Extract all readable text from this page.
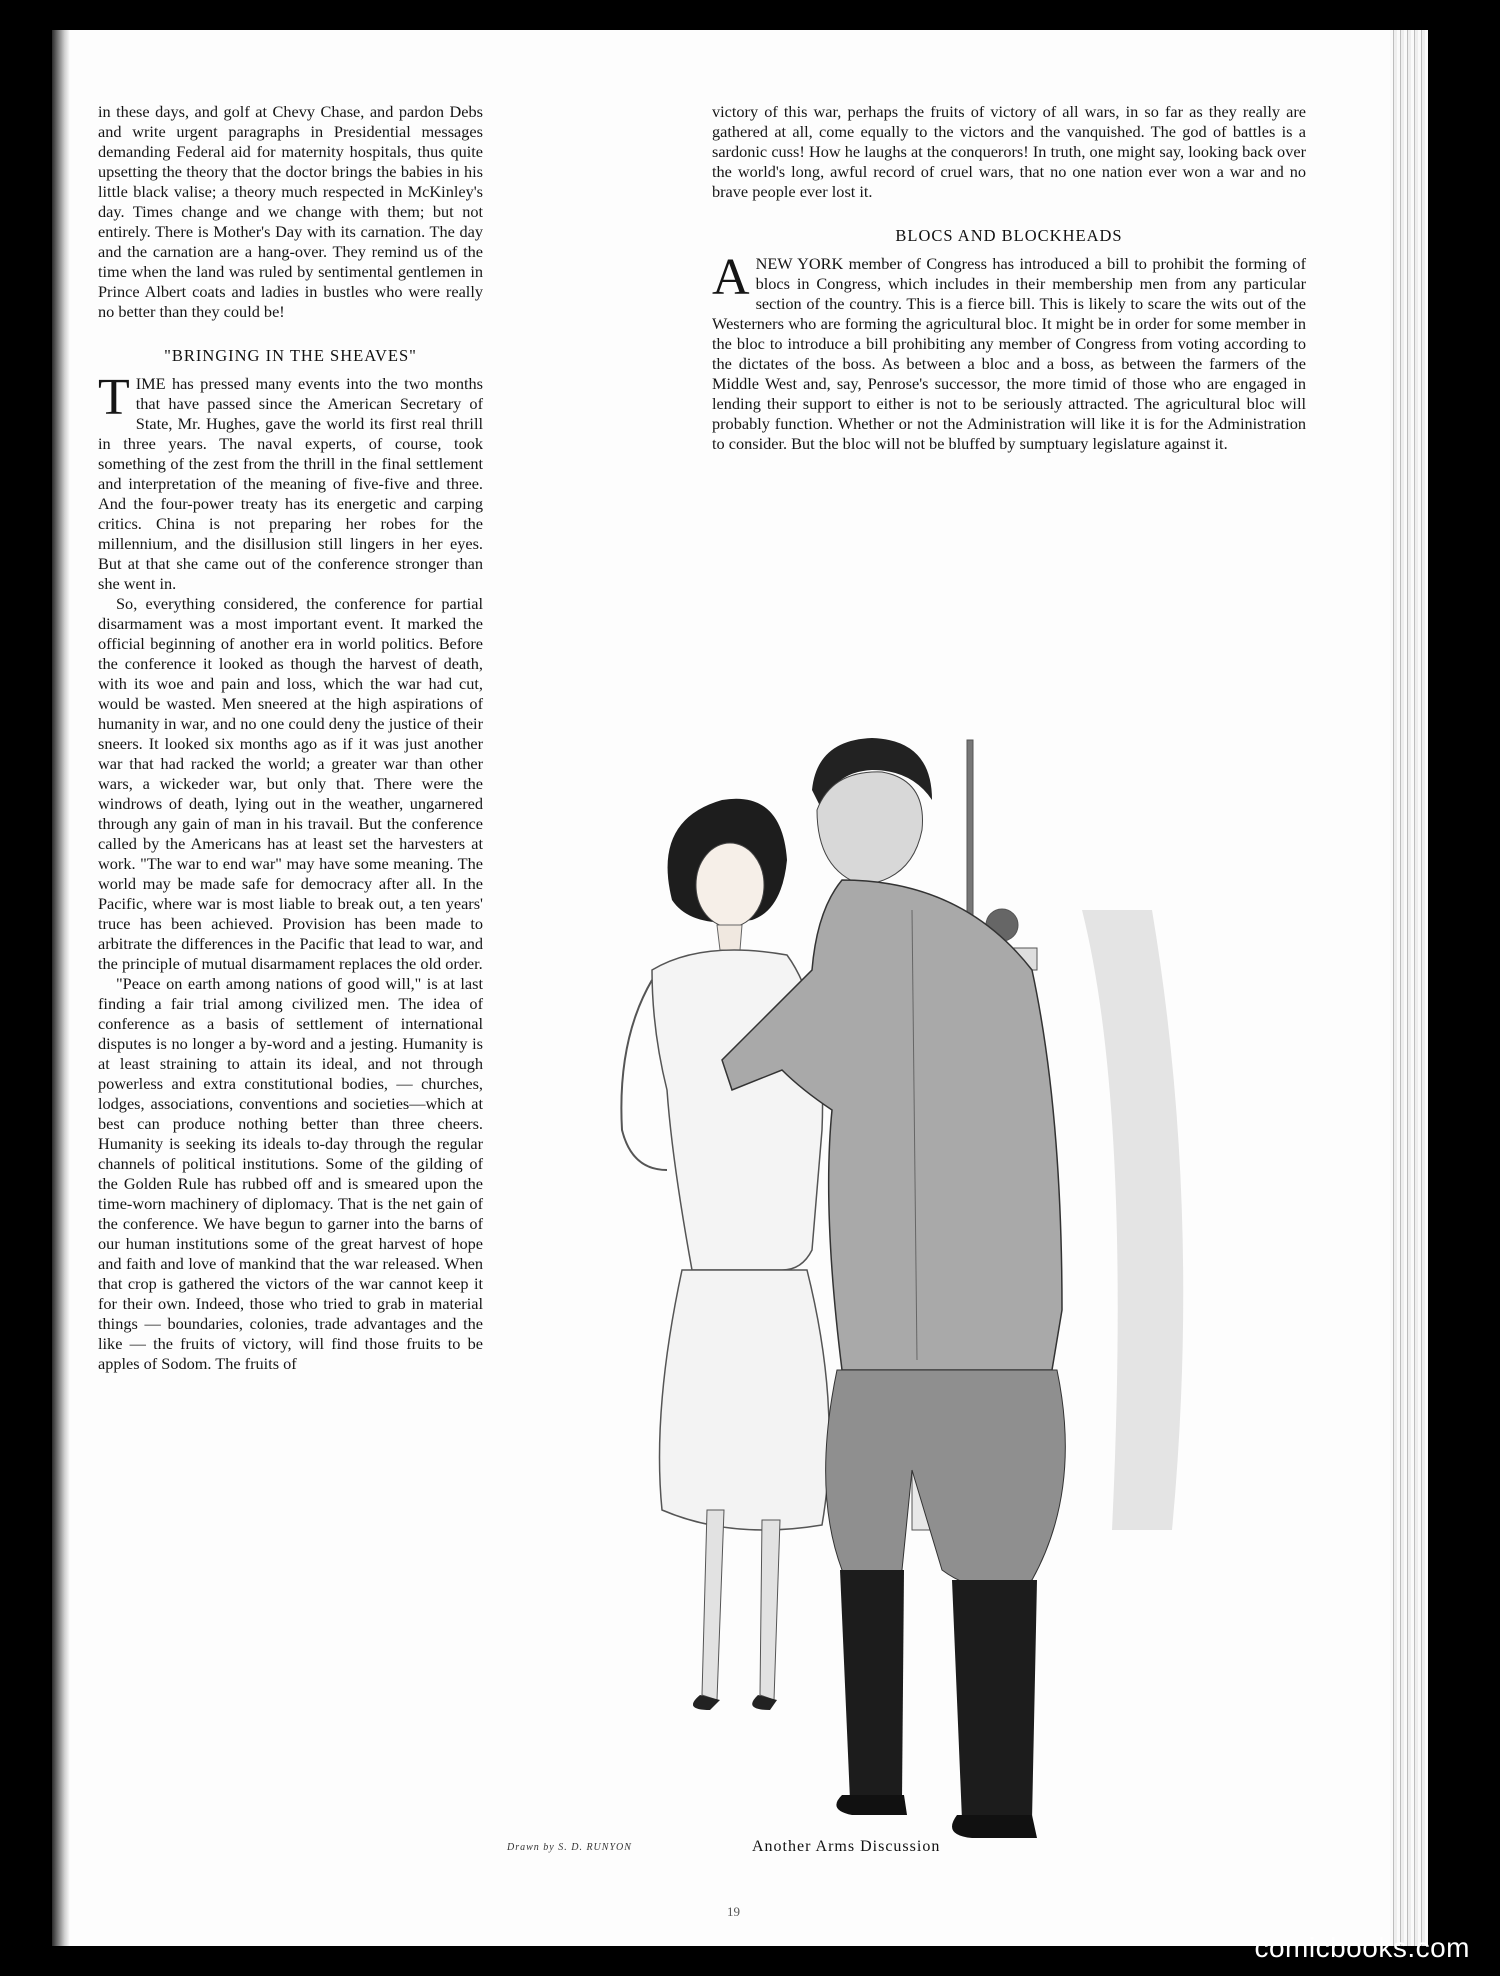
in these days, and golf at Chevy Chase, and pardon Debs and write urgent paragraphs in Presidential messages demanding Federal aid for maternity hospitals, thus quite upsetting the theory that the doctor brings the babies in his little black valise; a theory much respected in McKinley's day. Times change and we change with them; but not entirely. There is Mother's Day with its carnation. The day and the carnation are a hang-over. They remind us of the time when the land was ruled by sentimental gentlemen in Prince Albert coats and ladies in bustles who were really no better than they could be!

"BRINGING IN THE SHEAVES"

TIME has pressed many events into the two months that have passed since the American Secretary of State, Mr. Hughes, gave the world its first real thrill in three years. The naval experts, of course, took something of the zest from the thrill in the final settlement and interpretation of the meaning of five-five and three. And the four-power treaty has its energetic and carping critics. China is not preparing her robes for the millennium, and the disillusion still lingers in her eyes. But at that she came out of the conference stronger than she went in.

So, everything considered, the conference for partial disarmament was a most important event. It marked the official beginning of another era in world politics. Before the conference it looked as though the harvest of death, with its woe and pain and loss, which the war had cut, would be wasted. Men sneered at the high aspirations of humanity in war, and no one could deny the justice of their sneers. It looked six months ago as if it was just another war that had racked the world; a greater war than other wars, a wickeder war, but only that. There were the windrows of death, lying out in the weather, ungarnered through any gain of man in his travail. But the conference called by the Americans has at least set the harvesters at work. "The war to end war" may have some meaning. The world may be made safe for democracy after all. In the Pacific, where war is most liable to break out, a ten years' truce has been achieved. Provision has been made to arbitrate the differences in the Pacific that lead to war, and the principle of mutual disarmament replaces the old order.

"Peace on earth among nations of good will," is at last finding a fair trial among civilized men. The idea of conference as a basis of settlement of international disputes is no longer a by-word and a jesting. Humanity is at least straining to attain its ideal, and not through powerless and extra constitutional bodies, — churches, lodges, associations, conventions and societies—which at best can produce nothing better than three cheers. Humanity is seeking its ideals to-day through the regular channels of political institutions. Some of the gilding of the Golden Rule has rubbed off and is smeared upon the time-worn machinery of diplomacy. That is the net gain of the conference. We have begun to garner into the barns of our human institutions some of the great harvest of hope and faith and love of mankind that the war released. When that crop is gathered the victors of the war cannot keep it for their own. Indeed, those who tried to grab in material things — boundaries, colonies, trade advantages and the like — the fruits of victory, will find those fruits to be apples of Sodom. The fruits of

victory of this war, perhaps the fruits of victory of all wars, in so far as they really are gathered at all, come equally to the victors and the vanquished. The god of battles is a sardonic cuss! How he laughs at the conquerors! In truth, one might say, looking back over the world's long, awful record of cruel wars, that no one nation ever won a war and no brave people ever lost it.

BLOCS AND BLOCKHEADS

ANEW YORK member of Congress has introduced a bill to prohibit the forming of blocs in Congress, which includes in their membership men from any particular section of the country. This is a fierce bill. This is likely to scare the wits out of the Westerners who are forming the agricultural bloc. It might be in order for some member in the bloc to introduce a bill prohibiting any member of Congress from voting according to the dictates of the boss. As between a bloc and a boss, as between the farmers of the Middle West and, say, Penrose's successor, the more timid of those who are engaged in lending their support to either is not to be seriously attracted. The agricultural bloc will probably function. Whether or not the Administration will like it is for the Administration to consider. But the bloc will not be bluffed by sumptuary legislature against it.

Drawn by S. D. RUNYON	Another Arms Discussion
19
comicbooks.com
